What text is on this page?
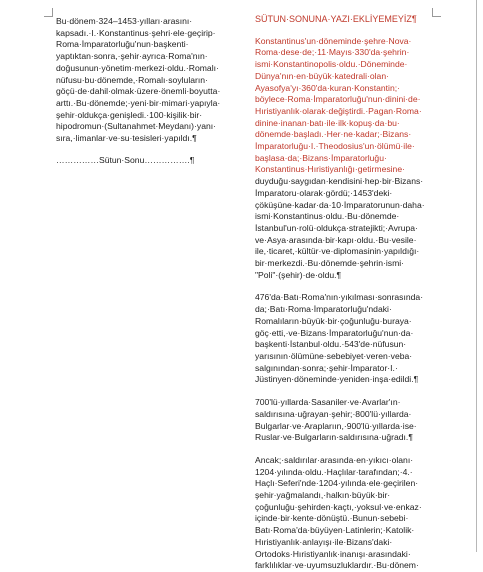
Bu·dönem·324–1453·yılları·arasını·

kapsadı.·I.·Konstantinus·şehri·ele·geçirip·

Roma·İmparatorluğu'nun·başkenti·

yaptıktan·sonra,·şehir·ayrıca·Roma'nın·

doğusunun·yönetim·merkezi·oldu.·Romalı·

nüfusu·bu·dönemde,·Romalı·soyluların·

göçü·de·dahil·olmak·üzere·önemli·boyutta·

arttı.·Bu·dönemde;·yeni·bir·mimari·yapıyla·

şehir·oldukça·genişledi.·100·kişilik·bir·

hipodromun·(Sultanahmet·Meydanı)·yanı·

sıra,·limanlar·ve·su·tesisleri·yapıldı.¶

……………Sütun·Sonu…………….¶

SÜTUN·SONUNA·YAZI·EKLİYEMEYİZ¶

Konstantinus'un·döneminde·şehre·Nova·

Roma·dese·de;·11·Mayıs·330'da·şehrin·

ismi·Konstantinopolis·oldu.·Döneminde·

Dünya'nın·en·büyük·katedrali·olan·

Ayasofya'yı·360'da·kuran·Konstantin;·

böylece·Roma·İmparatorluğu'nun·dinini·de·

Hıristiyanlık·olarak·değiştirdi.·Pagan·Roma·

dinine·inanan·batı·ile·ilk·kopuş·da·bu·

dönemde·başladı.·Her·ne·kadar;·Bizans·

İmparatorluğu·I.·Theodosius'un·ölümü·ile·

başlasa·da;·Bizans·İmparatorluğu·

Konstantinus·Hıristiyanlığı·getirmesine·

duyduğu·saygıdan·kendisini·hep·bir·Bizans·

İmparatoru·olarak·gördü;·1453'deki·

çöküşüne·kadar·da·10·İmparatorunun·daha·

ismi·Konstantinus·oldu.·Bu·dönemde·

İstanbul'un·rolü·oldukça·stratejikti;·Avrupa·

ve·Asya·arasında·bir·kapı·oldu.·Bu·vesile·

ile,·ticaret,·kültür·ve·diplomasinin·yapıldığı·

bir·merkezdi.·Bu·dönemde·şehrin·ismi·

"Poli"·(şehir)·de·oldu.¶

476'da·Batı·Roma'nın·yıkılması·sonrasında·

da;·Batı·Roma·İmparatorluğu'ndaki·

Romalıların·büyük·bir·çoğunluğu·buraya·

göç·etti,·ve·Bizans·İmparatorluğu'nun·da·

başkenti·İstanbul·oldu.·543'de·nüfusun·

yarısının·ölümüne·sebebiyet·veren·veba·

salgınından·sonra;·şehir·İmparator·I.·

Jüstinyen·döneminde·yeniden·inşa·edildi.¶

700'lü·yıllarda·Sasaniler·ve·Avarlar'ın·

saldırısına·uğrayan·şehir;·800'lü·yıllarda·

Bulgarlar·ve·Araplarıın,·900'lü·yıllarda·ise·

Ruslar·ve·Bulgarların·saldırısına·uğradı.¶

Ancak;·saldırılar·arasında·en·yıkıcı·olanı·

1204·yılında·oldu.·Haçlılar·tarafından;·4.·

Haçlı·Seferi'nde·1204·yılında·ele·geçirilen·

şehir·yağmalandı,·halkın·büyük·bir·

çoğunluğu·şehirden·kaçtı,·yoksul·ve·enkaz·

içinde·bir·kente·dönüştü.·Bunun·sebebi·

Batı·Roma'da·büyüyen·Latinlerin;·Katolik·

Hıristiyanlık·anlayışı·ile·Bizans'daki·

Ortodoks·Hıristiyanlık·inanışı·arasındaki·

farklılıklar·ve·uyumsuzluklardır.·Bu·dönem·
